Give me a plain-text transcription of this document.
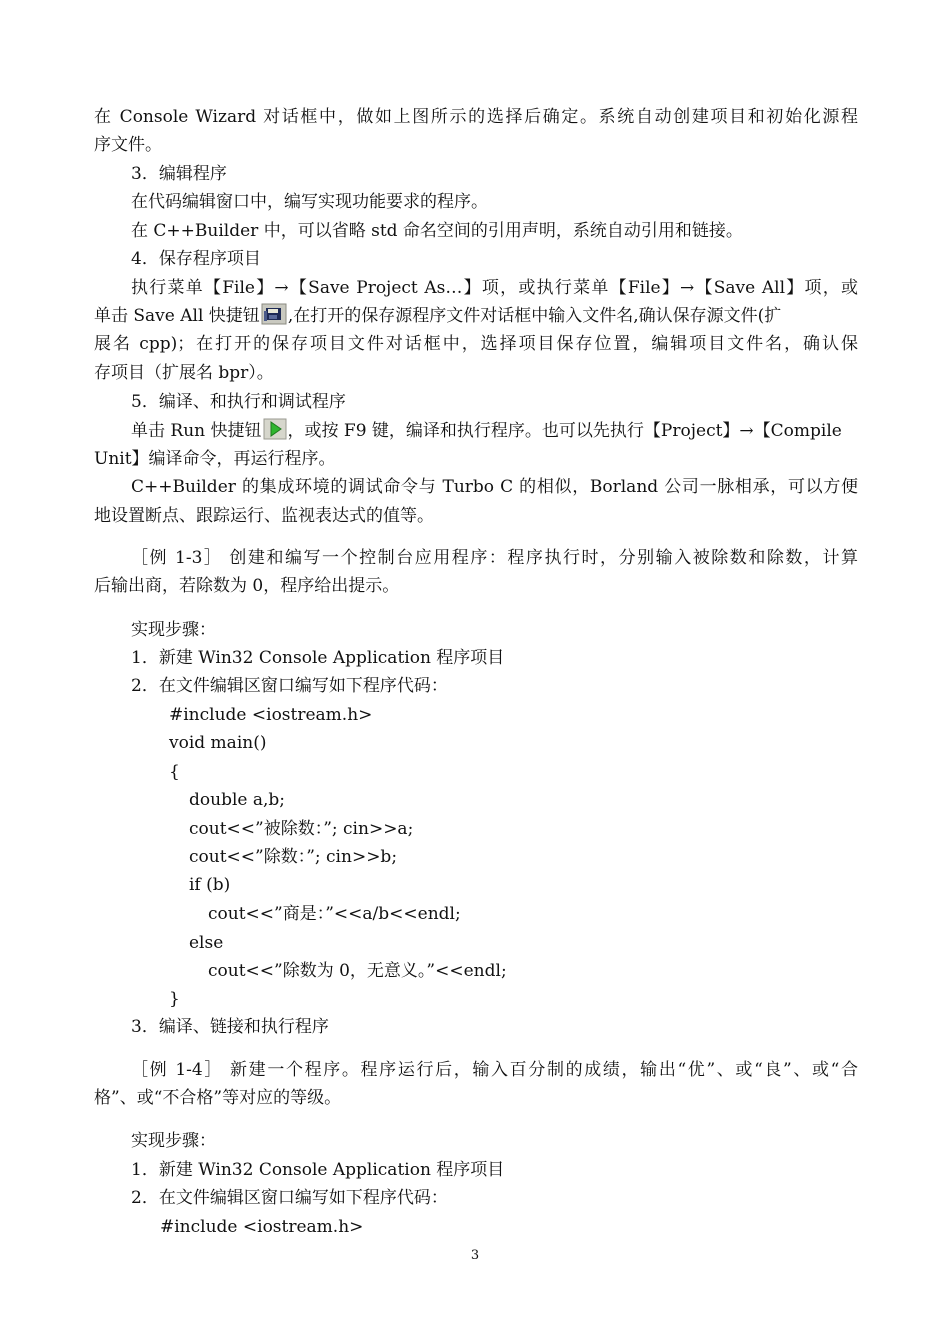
在 Console Wizard 对话框中，做如上图所示的选择后确定。系统自动创建项目和初始化源程
序文件。
3．编辑程序
在代码编辑窗口中，编写实现功能要求的程序。
在 C++Builder 中，可以省略 std 命名空间的引用声明，系统自动引用和链接。
4．保存程序项目
执行菜单【File】→【Save Project As…】项，或执行菜单【File】→【Save All】项，或
单击 Save All 快捷钮 ,在打开的保存源程序文件对话框中输入文件名,确认保存源文件(扩
展名 cpp)；在打开的保存项目文件对话框中，选择项目保存位置，编辑项目文件名，确认保
存项目（扩展名 bpr）。
5．编译、和执行和调试程序
单击 Run 快捷钮 ，或按 F9 键，编译和执行程序。也可以先执行【Project】→【Compile
Unit】编译命令，再运行程序。
C++Builder 的集成环境的调试命令与 Turbo C 的相似，Borland 公司一脉相承，可以方便
地设置断点、跟踪运行、监视表达式的值等。
［例 1-3］ 创建和编写一个控制台应用程序：程序执行时，分别输入被除数和除数，计算
后输出商，若除数为 0，程序给出提示。
实现步骤：
1．新建 Win32 Console Application 程序项目
2．在文件编辑区窗口编写如下程序代码：
#include <iostream.h>
void main()
{
double a,b;
cout<<”被除数：”; cin>>a;
cout<<”除数：”; cin>>b;
if (b)
cout<<”商是：”<<a/b<<endl;
else
cout<<”除数为 0，无意义。”<<endl;
}
3．编译、链接和执行程序
［例 1-4］ 新建一个程序。程序运行后，输入百分制的成绩，输出“优”、或“良”、或“合
格”、或“不合格”等对应的等级。
实现步骤：
1．新建 Win32 Console Application 程序项目
2．在文件编辑区窗口编写如下程序代码：
#include <iostream.h>
3
